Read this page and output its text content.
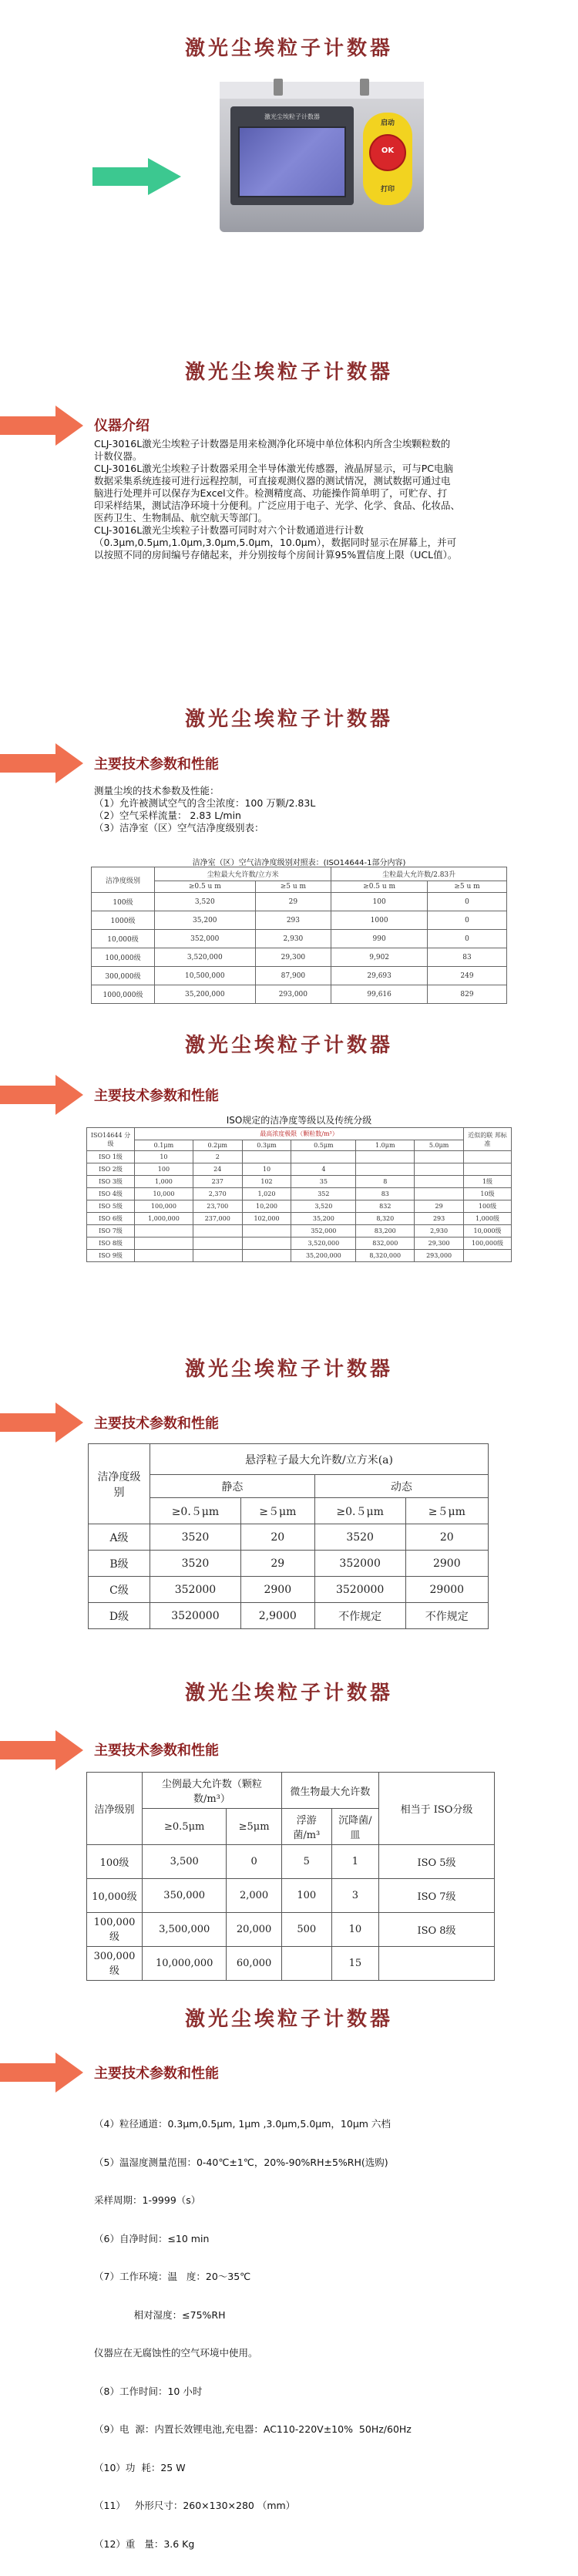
激光尘埃粒子计数器
激光尘埃粒子计数器
启动
OK
打印
激光尘埃粒子计数器
仪器介绍

CLJ-3016L激光尘埃粒子计数器是用来检测净化环境中单位体积内所含尘埃颗粒数的

计数仪器。

CLJ-3016L激光尘埃粒子计数器采用全半导体激光传感器，液晶屏显示，可与PC电脑

数据采集系统连接可进行远程控制，可直接观测仪器的测试情况，测试数据可通过电

脑进行处理并可以保存为Excel文件。检测精度高、功能操作简单明了，可贮存、打

印采样结果，测试洁净环境十分便利。广泛应用于电子、光学、化学、食品、化妆品、

医药卫生、生物制品、航空航天等部门。

CLJ-3016L激光尘埃粒子计数器可同时对六个计数通道进行计数

（0.3μm,0.5μm,1.0μm,3.0μm,5.0μm，10.0μm），数据同时显示在屏幕上，并可

以按照不同的房间编号存储起来，并分别按每个房间计算95%置信度上限（UCL值）。

激光尘埃粒子计数器
主要技术参数和性能

测量尘埃的技术参数及性能：

（1）允许被测试空气的含尘浓度：100 万颗/2.83L

（2）空气采样流量： 2.83 L/min

（3）洁净室（区）空气洁净度级别表：

洁净室（区）空气洁净度级别对照表：(ISO14644-1部分内容)
洁净度级别	尘粒最大允许数/立方米		尘粒最大允许数/2.83升	
	≥0.5 u m	≥5 u m	≥0.5 u m	≥5 u m
100级	3,520	29	100	0
1000级	35,200	293	1000	0
10,000级	352,000	2,930	990	0
100,000级	3,520,000	29,300	9,902	83
300,000级	10,500,000	87,900	29,693	249
1000,000级	35,200,000	293,000	99,616	829
激光尘埃粒子计数器
主要技术参数和性能
ISO规定的洁净度等级以及传统分级
ISO14644 分级	最高浓度极限（颗粒数/m³）						近似的联 邦标准
	0.1μm	0.2μm	0.3μm	0.5μm	1.0μm	5.0μm	
ISO 1级	10	2					
ISO 2级	100	24	10	4			
ISO 3级	1,000	237	102	35	8		1级
ISO 4级	10,000	2,370	1,020	352	83		10级
ISO 5级	100,000	23,700	10,200	3,520	832	29	100级
ISO 6级	1,000,000	237,000	102,000	35,200	8,320	293	1,000级
ISO 7级				352,000	83,200	2,930	10,000级
ISO 8级				3,520,000	832,000	29,300	100,000级
ISO 9级				35,200,000	8,320,000	293,000	
激光尘埃粒子计数器
主要技术参数和性能
洁净度级 别	悬浮粒子最大允许数/立方米(a)			
	静态		动态	
	≥0.５μm	≥５μm	≥0.５μm	≥５μm
A级	3520	20	3520	20
B级	3520	29	352000	2900
C级	352000	2900	3520000	29000
D级	3520000	2,9000	不作规定	不作规定
激光尘埃粒子计数器
主要技术参数和性能
洁净级别	尘例最大允许数（颗粒 数/m³）		微生物最大允许数		相当于 ISO分级
	≥0.5μm	≥5μm	浮游菌/m³	沉降菌/ 皿	
100级	3,500	0	5	1	ISO 5级
10,000级	350,000	2,000	100	3	ISO 7级
100,000级	3,500,000	20,000	500	10	ISO 8级
300,000级	10,000,000	60,000		15	
激光尘埃粒子计数器
主要技术参数和性能

（4）粒径通道：0.3μm,0.5μm, 1μm ,3.0μm,5.0μm，10μm 六档

（5）温湿度测量范围：0-40℃±1℃，20%-90%RH±5%RH(选购)

采样周期：1-9999（s）

（6）自净时间：≤10 min

（7）工作环境：温   度：20～35℃

相对湿度：≤75%RH

仪器应在无腐蚀性的空气环境中使用。

（8）工作时间：10 小时

（9）电  源：内置长效锂电池,充电器：AC110-220V±10%  50Hz/60Hz

（10）功  耗：25 W

（11）   外形尺寸：260×130×280 （mm）

（12）重   量：3.6 Kg
